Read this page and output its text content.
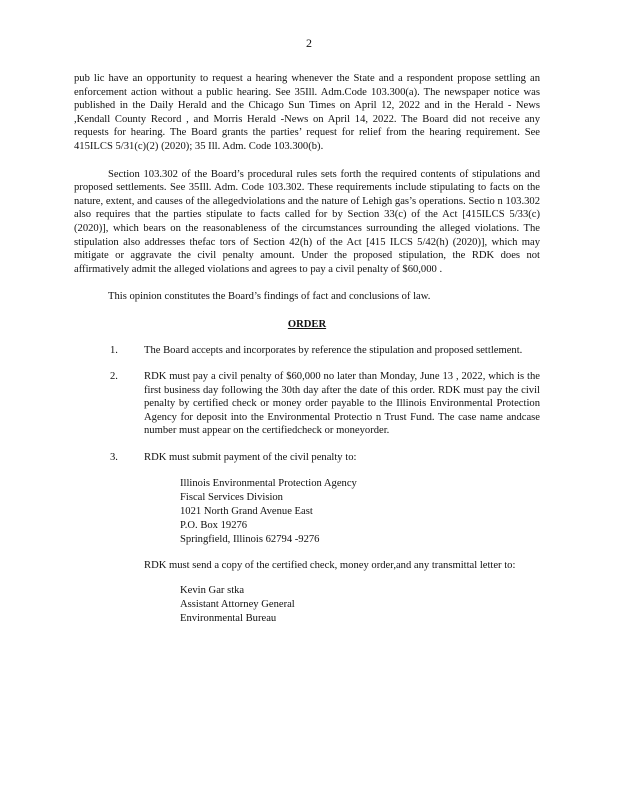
2

pub lic have an opportunity to request a hearing whenever the State and a respondent propose settling an enforcement action without a public hearing. See 35Ill. Adm.Code 103.300(a). The newspaper notice was published in the Daily Herald and the Chicago Sun Times on April 12, 2022 and in the Herald - News ,Kendall County Record , and Morris Herald -News on April 14, 2022. The Board did not receive any requests for hearing. The Board grants the parties’ request for relief from the hearing requirement. See 415ILCS 5/31(c)(2) (2020); 35 Ill. Adm. Code 103.300(b).

Section 103.302 of the Board’s procedural rules sets forth the required contents of stipulations and proposed settlements. See 35Ill. Adm. Code 103.302. These requirements include stipulating to facts on the nature, extent, and causes of the allegedviolations and the nature of Lehigh gas’s operations. Sectio n 103.302 also requires that the parties stipulate to facts called for by Section 33(c) of the Act [415ILCS 5/33(c) (2020)], which bears on the reasonableness of the circumstances surrounding the alleged violations. The stipulation also addresses thefac tors of Section 42(h) of the Act [415 ILCS 5/42(h) (2020)], which may mitigate or aggravate the civil penalty amount. Under the proposed stipulation, the RDK does not affirmatively admit the alleged violations and agrees to pay a civil penalty of $60,000 .

This opinion constitutes the Board’s findings of fact and conclusions of law.

ORDER
1. The Board accepts and incorporates by reference the stipulation and proposed settlement.

2. RDK must pay a civil penalty of $60,000 no later than Monday, June 13 , 2022, which is the first business day following the 30th day after the date of this order. RDK must pay the civil penalty by certified check or money order payable to the Illinois Environmental Protection Agency for deposit into the Environmental Protectio n Trust Fund. The case name andcase number must appear on the certifiedcheck or moneyorder.

3. RDK must submit payment of the civil penalty to:

Illinois Environmental Protection Agency
Fiscal Services Division
1021 North Grand Avenue East
P.O. Box 19276
Springfield, Illinois 62794 -9276

RDK must send a copy of the certified check, money order,and any transmittal letter to:

Kevin Gar stka
Assistant Attorney General
Environmental Bureau
